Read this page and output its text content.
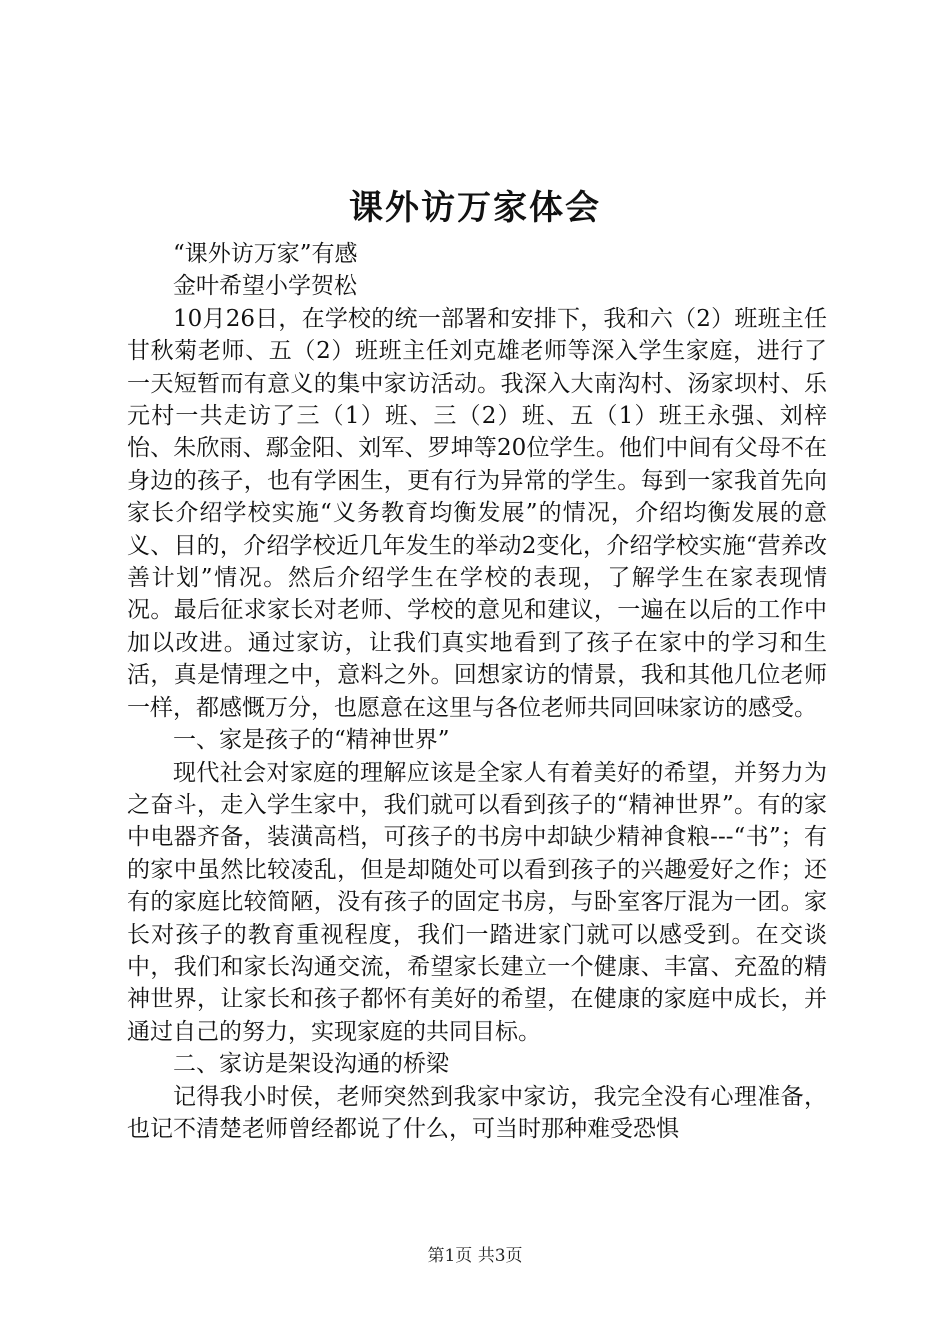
课外访万家体会

“课外访万家”有感

金叶希望小学贺松

10月26日，在学校的统一部署和安排下，我和六（2）班班主任甘秋菊老师、五（2）班班主任刘克雄老师等深入学生家庭，进行了一天短暂而有意义的集中家访活动。我深入大南沟村、汤家坝村、乐元村一共走访了三（1）班、三（2）班、五（1）班王永强、刘梓怡、朱欣雨、鄢金阳、刘军、罗坤等20位学生。他们中间有父母不在身边的孩子，也有学困生，更有行为异常的学生。每到一家我首先向家长介绍学校实施“义务教育均衡发展”的情况，介绍均衡发展的意义、目的，介绍学校近几年发生的举动2变化，介绍学校实施“营养改善计划”情况。然后介绍学生在学校的表现，了解学生在家表现情况。最后征求家长对老师、学校的意见和建议，一遍在以后的工作中加以改进。通过家访，让我们真实地看到了孩子在家中的学习和生活，真是情理之中，意料之外。回想家访的情景，我和其他几位老师一样，都感慨万分，也愿意在这里与各位老师共同回味家访的感受。

一、家是孩子的“精神世界”

现代社会对家庭的理解应该是全家人有着美好的希望，并努力为之奋斗，走入学生家中，我们就可以看到孩子的“精神世界”。有的家中电器齐备，装潢高档，可孩子的书房中却缺少精神食粮---“书”；有的家中虽然比较凌乱，但是却随处可以看到孩子的兴趣爱好之作；还有的家庭比较简陋，没有孩子的固定书房，与卧室客厅混为一团。家长对孩子的教育重视程度，我们一踏进家门就可以感受到。在交谈中，我们和家长沟通交流，希望家长建立一个健康、丰富、充盈的精神世界，让家长和孩子都怀有美好的希望，在健康的家庭中成长，并通过自己的努力，实现家庭的共同目标。

二、家访是架设沟通的桥梁

记得我小时侯，老师突然到我家中家访，我完全没有心理准备，也记不清楚老师曾经都说了什么，可当时那种难受恐惧

第1页 共3页
